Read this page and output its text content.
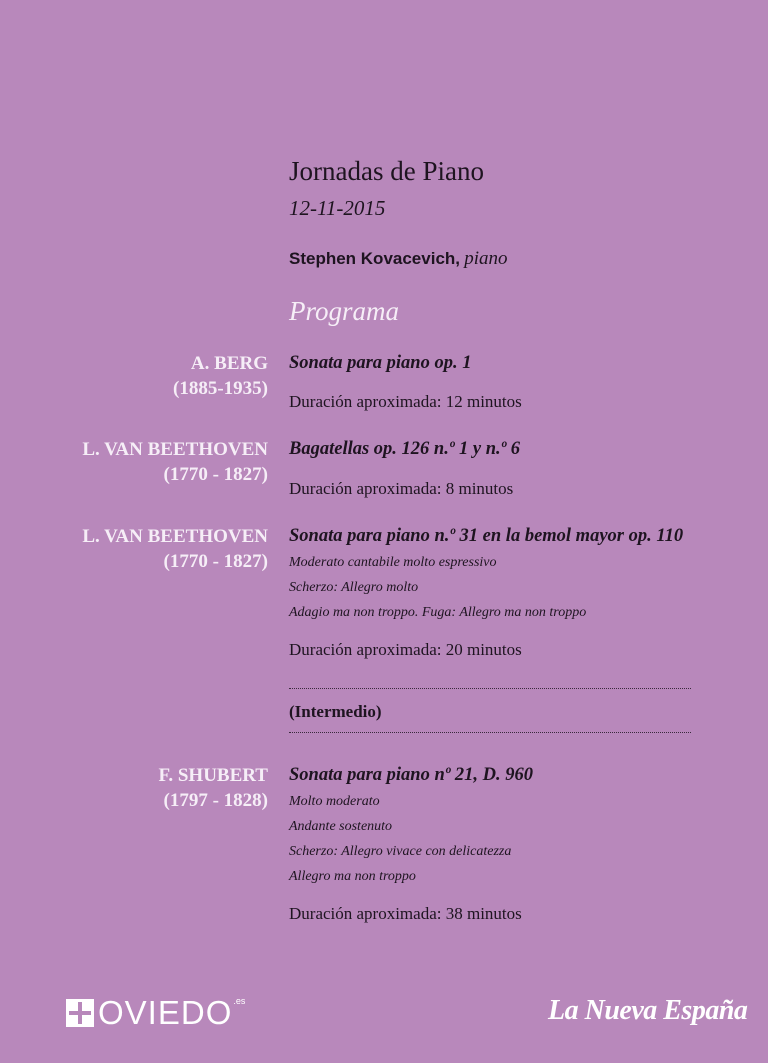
Jornadas de Piano
12-11-2015
Stephen Kovacevich, piano
Programa
A. BERG
(1885-1935)
Sonata para piano op. 1
Duración aproximada: 12 minutos
L. VAN BEETHOVEN
(1770 - 1827)
Bagatellas op. 126 n.º 1 y n.º 6
Duración aproximada: 8 minutos
L. VAN BEETHOVEN
(1770 - 1827)
Sonata para piano n.º 31 en la bemol mayor op. 110
Moderato cantabile molto espressivo
Scherzo: Allegro molto
Adagio ma non troppo. Fuga: Allegro ma non troppo
Duración aproximada: 20 minutos
(Intermedio)
F. SHUBERT
(1797 - 1828)
Sonata para piano nº 21, D. 960
Molto moderato
Andante sostenuto
Scherzo: Allegro vivace con delicatezza
Allegro ma non troppo
Duración aproximada: 38 minutos
OVIEDO .es	La Nueva España
